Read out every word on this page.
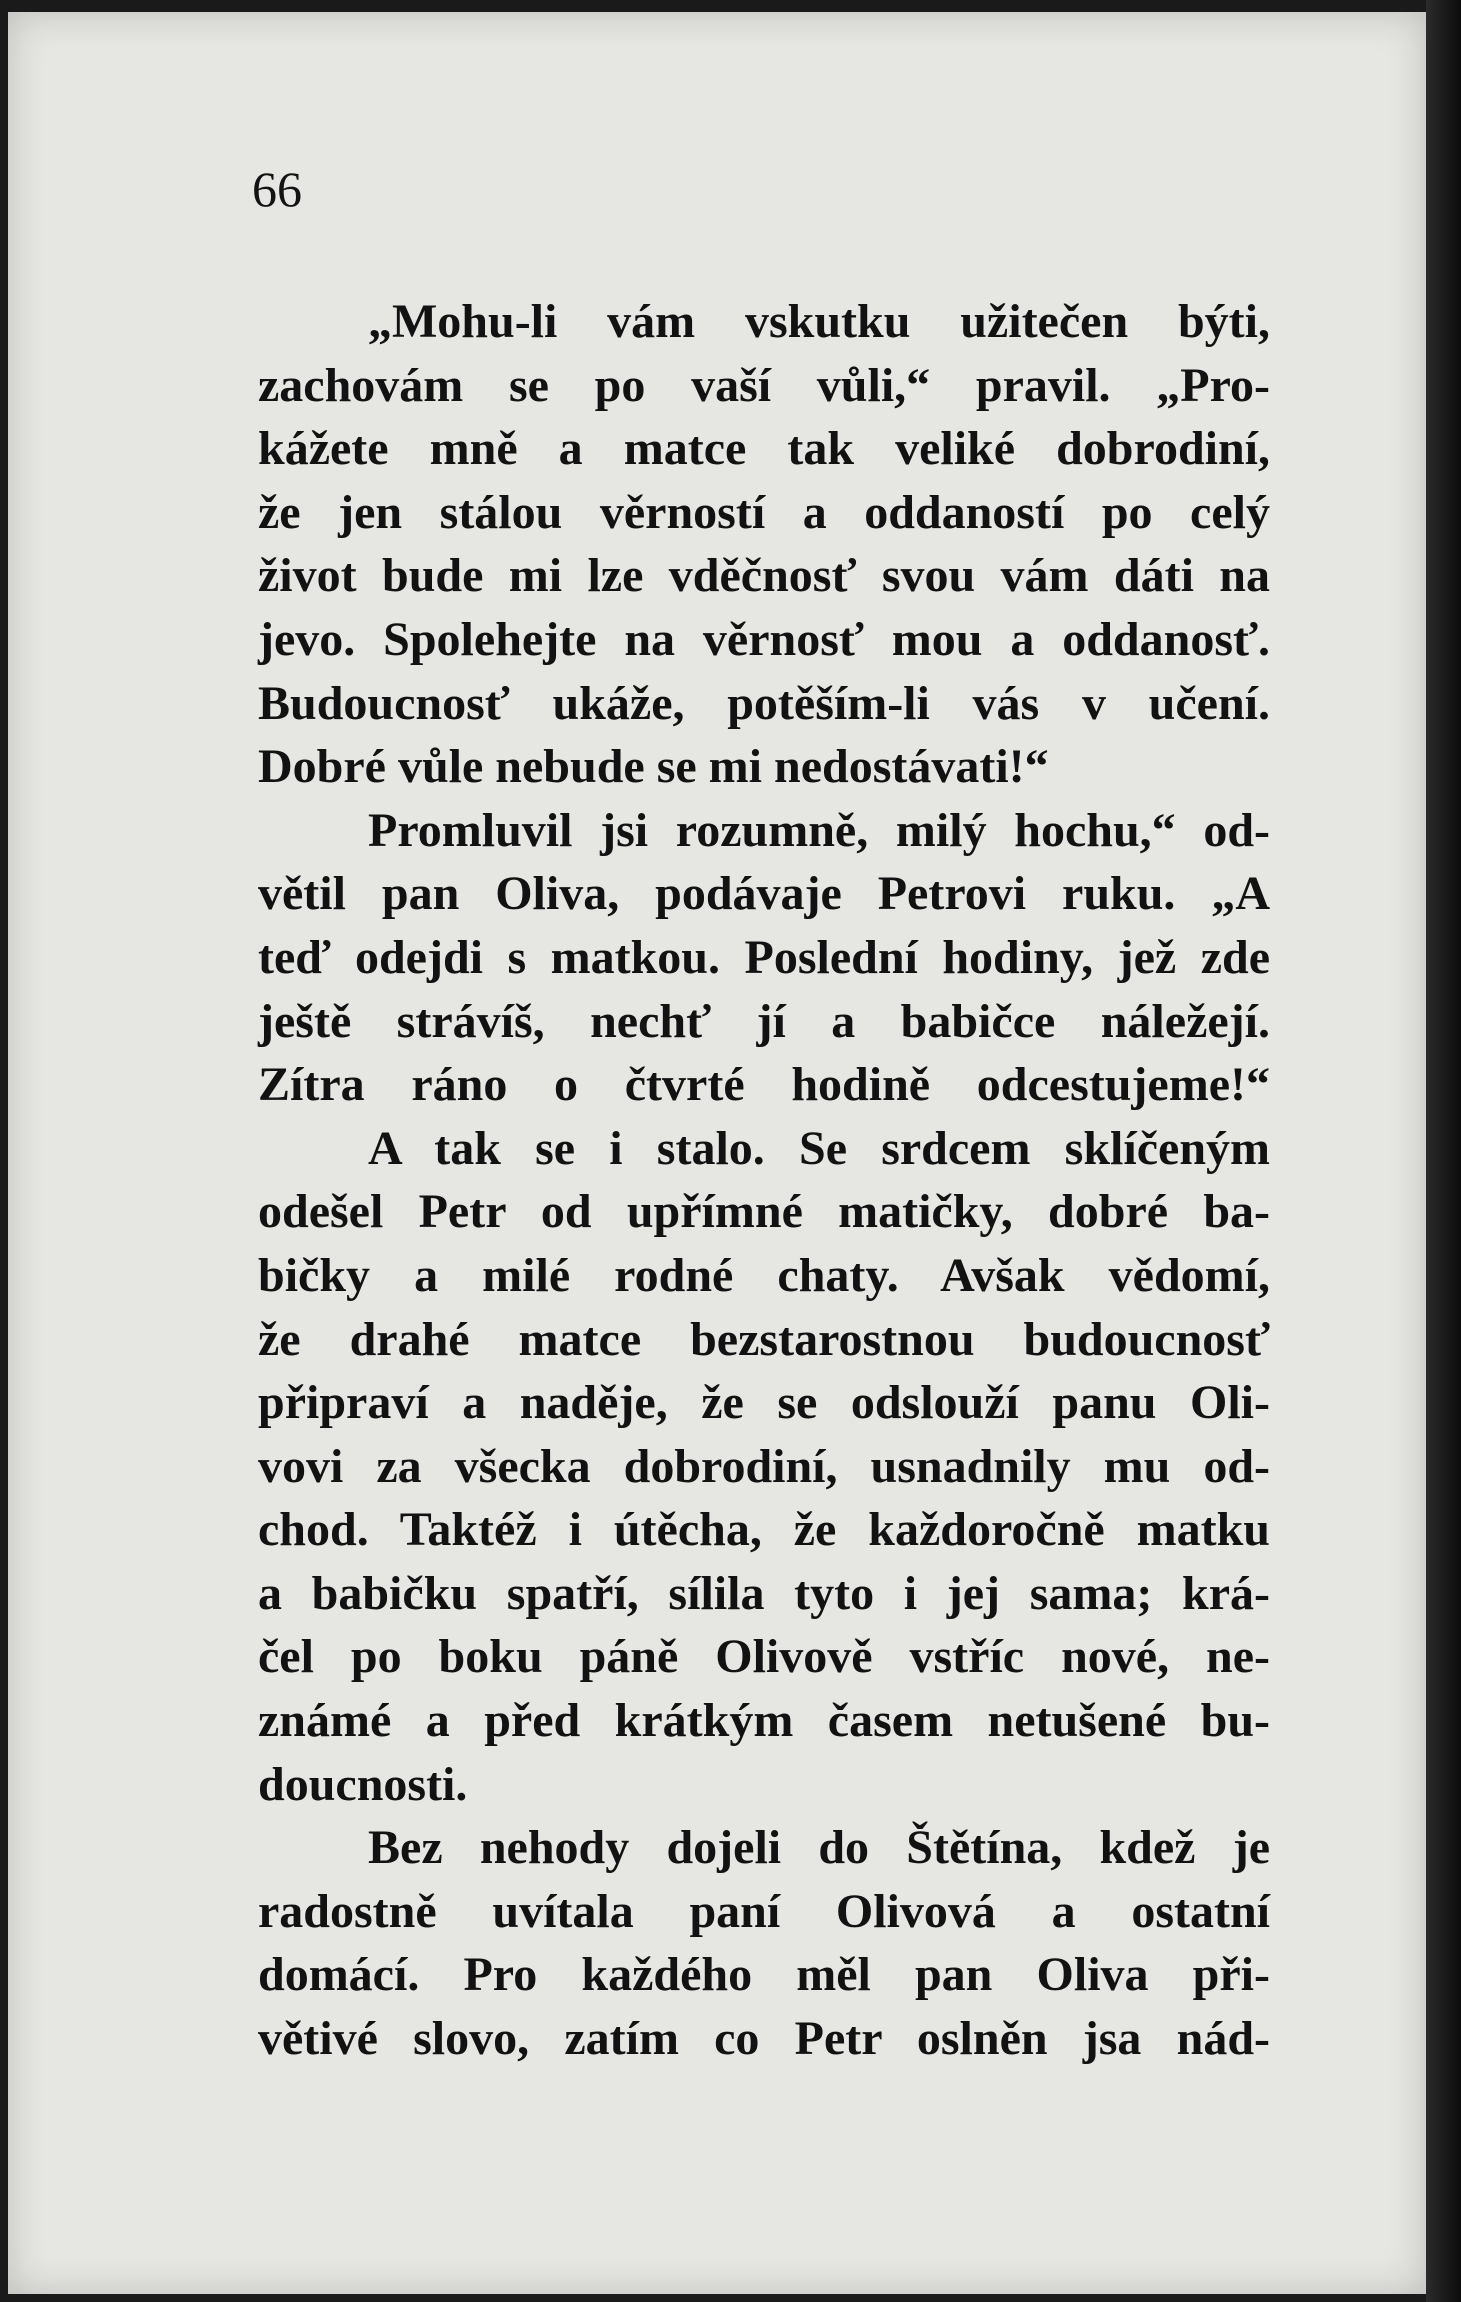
66
„Mohu-li vám vskutku užitečen býti,
zachovám se po vaší vůli,“ pravil. „Pro-
kážete mně a matce tak veliké dobrodiní,
že jen stálou věrností a oddaností po celý
život bude mi lze vděčnosť svou vám dáti na
jevo. Spolehejte na věrnosť mou a oddanosť.
Budoucnosť ukáže, potěším-li vás v učení.
Dobré vůle nebude se mi nedostávati!“
Promluvil jsi rozumně, milý hochu,“ od-
větil pan Oliva, podávaje Petrovi ruku. „A
teď odejdi s matkou. Poslední hodiny, jež zde
ještě strávíš, nechť jí a babičce náležejí.
Zítra ráno o čtvrté hodině odcestujeme!“
A tak se i stalo. Se srdcem sklíčeným
odešel Petr od upřímné matičky, dobré ba-
bičky a milé rodné chaty. Avšak vědomí,
že drahé matce bezstarostnou budoucnosť
připraví a naděje, že se odslouží panu Oli-
vovi za všecka dobrodiní, usnadnily mu od-
chod. Taktéž i útěcha, že každoročně matku
a babičku spatří, sílila tyto i jej sama; krá-
čel po boku páně Olivově vstříc nové, ne-
známé a před krátkým časem netušené bu-
doucnosti.
Bez nehody dojeli do Štětína, kdež je
radostně uvítala paní Olivová a ostatní
domácí. Pro každého měl pan Oliva při-
větivé slovo, zatím co Petr oslněn jsa nád-
